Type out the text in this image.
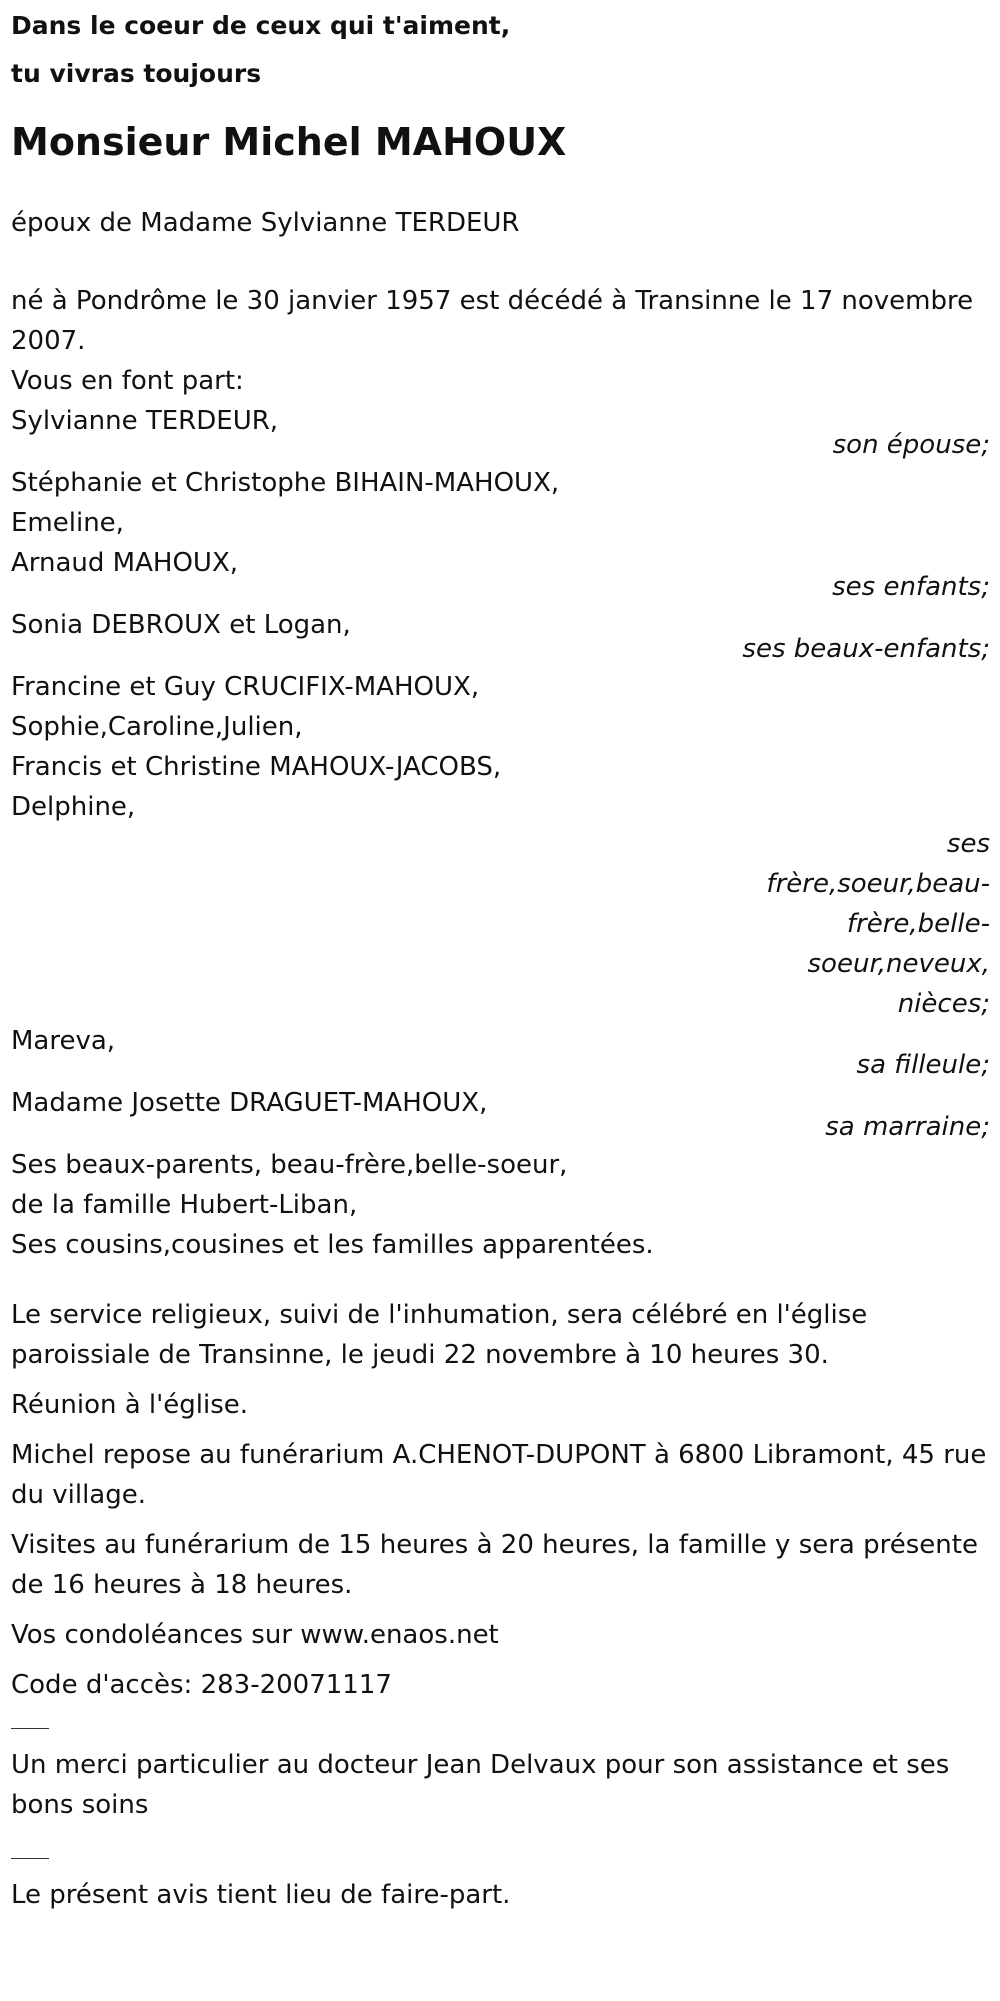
Dans le coeur de ceux qui t'aiment,
tu vivras toujours

Monsieur Michel MAHOUX

époux de Madame Sylvianne TERDEUR

né à Pondrôme le 30 janvier 1957 est décédé à Transinne le 17 novembre 2007.

Vous en font part:

Sylvianne TERDEUR,

son épouse;

Stéphanie et Christophe BIHAIN-MAHOUX,

Emeline,

Arnaud MAHOUX,

ses enfants;

Sonia DEBROUX et Logan,

ses beaux-enfants;

Francine et Guy CRUCIFIX-MAHOUX,

Sophie,Caroline,Julien,

Francis et Christine MAHOUX-JACOBS,

Delphine,

ses frère,soeur,beau-frère,belle-soeur,neveux, nièces;

Mareva,

sa filleule;

Madame Josette DRAGUET-MAHOUX,

sa marraine;

Ses beaux-parents, beau-frère,belle-soeur,

de la famille Hubert-Liban,

Ses cousins,cousines et les familles apparentées.

Le service religieux, suivi de l'inhumation, sera célébré en l'église paroissiale de Transinne, le jeudi 22 novembre à 10 heures 30.

Réunion à l'église.

Michel repose au funérarium A.CHENOT-DUPONT à 6800 Libramont, 45 rue du village.

Visites au funérarium de 15 heures à 20 heures, la famille y sera présente de 16 heures à 18 heures.

Vos condoléances sur www.enaos.net

Code d'accès: 283-20071117

Un merci particulier au docteur Jean Delvaux pour son assistance et ses bons soins

Le présent avis tient lieu de faire-part.
